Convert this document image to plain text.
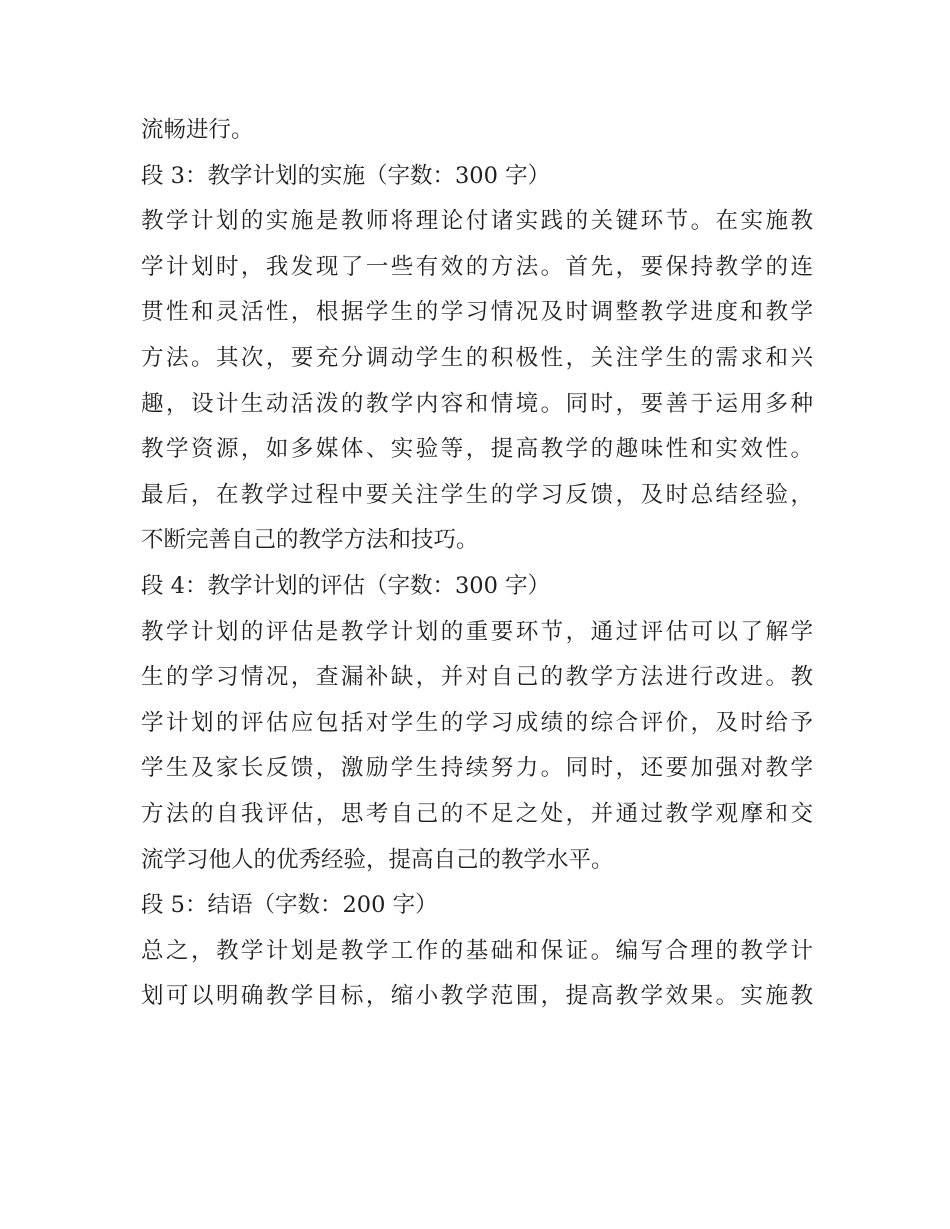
流畅进行。
段 3：教学计划的实施（字数：300 字）
教学计划的实施是教师将理论付诸实践的关键环节。在实施教
学计划时，我发现了一些有效的方法。首先，要保持教学的连
贯性和灵活性，根据学生的学习情况及时调整教学进度和教学
方法。其次，要充分调动学生的积极性，关注学生的需求和兴
趣，设计生动活泼的教学内容和情境。同时，要善于运用多种
教学资源，如多媒体、实验等，提高教学的趣味性和实效性。
最后，在教学过程中要关注学生的学习反馈，及时总结经验，
不断完善自己的教学方法和技巧。
段 4：教学计划的评估（字数：300 字）
教学计划的评估是教学计划的重要环节，通过评估可以了解学
生的学习情况，查漏补缺，并对自己的教学方法进行改进。教
学计划的评估应包括对学生的学习成绩的综合评价，及时给予
学生及家长反馈，激励学生持续努力。同时，还要加强对教学
方法的自我评估，思考自己的不足之处，并通过教学观摩和交
流学习他人的优秀经验，提高自己的教学水平。
段 5：结语（字数：200 字）
总之，教学计划是教学工作的基础和保证。编写合理的教学计
划可以明确教学目标，缩小教学范围，提高教学效果。实施教
